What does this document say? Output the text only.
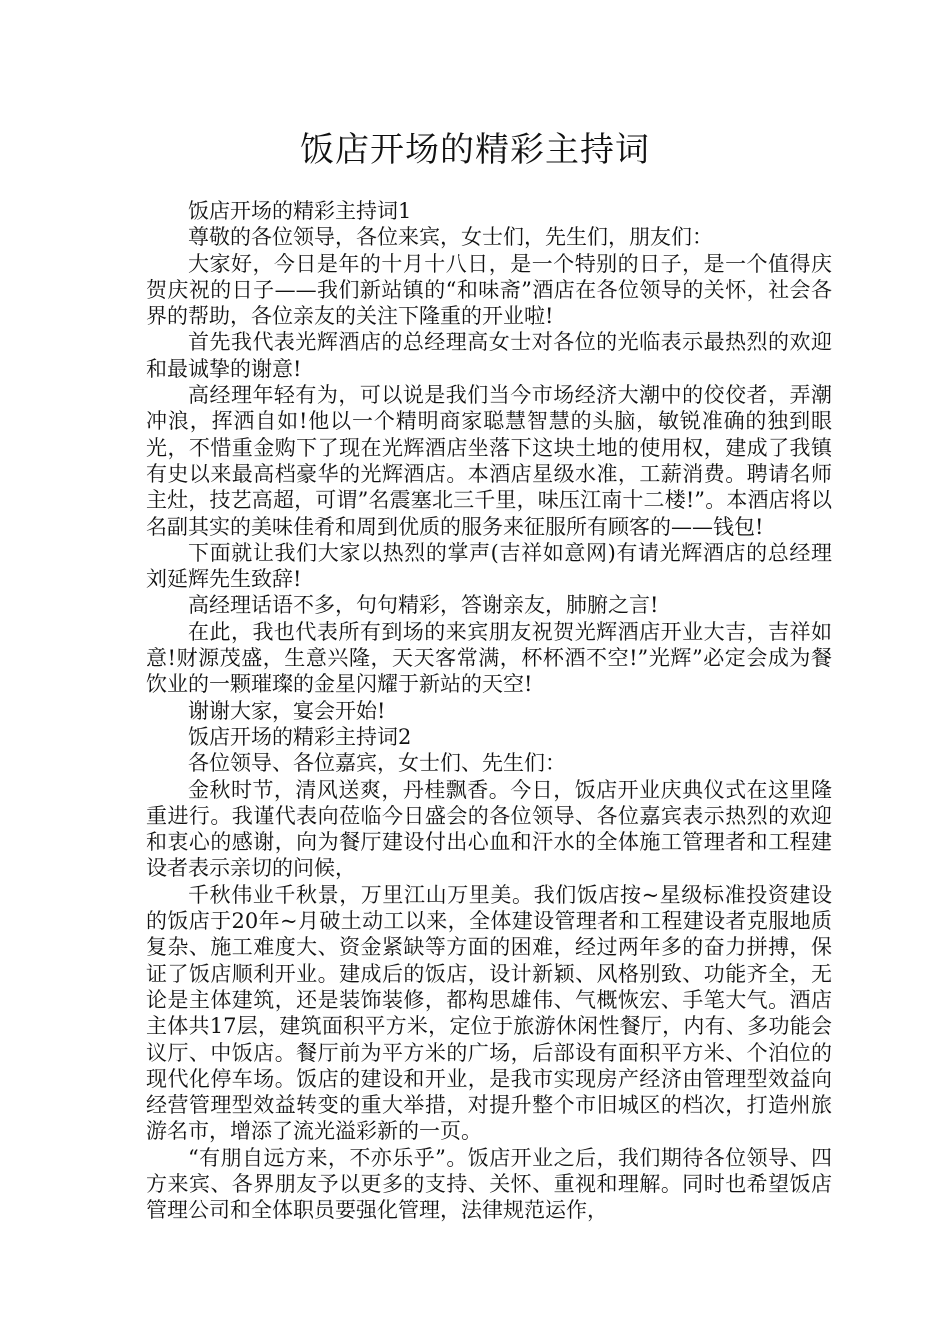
饭店开场的精彩主持词

饭店开场的精彩主持词1

尊敬的各位领导，各位来宾，女士们，先生们，朋友们：

大家好，今日是年的十月十八日，是一个特别的日子，是一个值得庆贺庆祝的日子——我们新站镇的“和味斋”酒店在各位领导的关怀，社会各界的帮助，各位亲友的关注下隆重的开业啦!

首先我代表光辉酒店的总经理高女士对各位的光临表示最热烈的欢迎和最诚挚的谢意!

高经理年轻有为，可以说是我们当今市场经济大潮中的佼佼者，弄潮冲浪，挥洒自如!他以一个精明商家聪慧智慧的头脑，敏锐准确的独到眼光，不惜重金购下了现在光辉酒店坐落下这块土地的使用权，建成了我镇有史以来最高档豪华的光辉酒店。本酒店星级水准，工薪消费。聘请名师主灶，技艺高超，可谓”名震塞北三千里，味压江南十二楼!”。本酒店将以名副其实的美味佳肴和周到优质的服务来征服所有顾客的——钱包!

下面就让我们大家以热烈的掌声(吉祥如意网)有请光辉酒店的总经理刘延辉先生致辞!

高经理话语不多，句句精彩，答谢亲友，肺腑之言!

在此，我也代表所有到场的来宾朋友祝贺光辉酒店开业大吉，吉祥如意!财源茂盛，生意兴隆，天天客常满，杯杯酒不空!”光辉”必定会成为餐饮业的一颗璀璨的金星闪耀于新站的天空!

谢谢大家，宴会开始!

饭店开场的精彩主持词2

各位领导、各位嘉宾，女士们、先生们：

金秋时节，清风送爽，丹桂飘香。今日，饭店开业庆典仪式在这里隆重进行。我谨代表向莅临今日盛会的各位领导、各位嘉宾表示热烈的欢迎和衷心的感谢，向为餐厅建设付出心血和汗水的全体施工管理者和工程建设者表示亲切的问候，

千秋伟业千秋景，万里江山万里美。我们饭店按~星级标准投资建设的饭店于20年~月破土动工以来，全体建设管理者和工程建设者克服地质复杂、施工难度大、资金紧缺等方面的困难，经过两年多的奋力拼搏，保证了饭店顺利开业。建成后的饭店，设计新颖、风格别致、功能齐全，无论是主体建筑，还是装饰装修，都构思雄伟、气概恢宏、手笔大气。酒店主体共17层，建筑面积平方米，定位于旅游休闲性餐厅，内有、多功能会议厅、中饭店。餐厅前为平方米的广场，后部设有面积平方米、个泊位的现代化停车场。饭店的建设和开业，是我市实现房产经济由管理型效益向经营管理型效益转变的重大举措，对提升整个市旧城区的档次，打造州旅游名市，增添了流光溢彩新的一页。

“有朋自远方来，不亦乐乎”。饭店开业之后，我们期待各位领导、四方来宾、各界朋友予以更多的支持、关怀、重视和理解。同时也希望饭店管理公司和全体职员要强化管理，法律规范运作，
